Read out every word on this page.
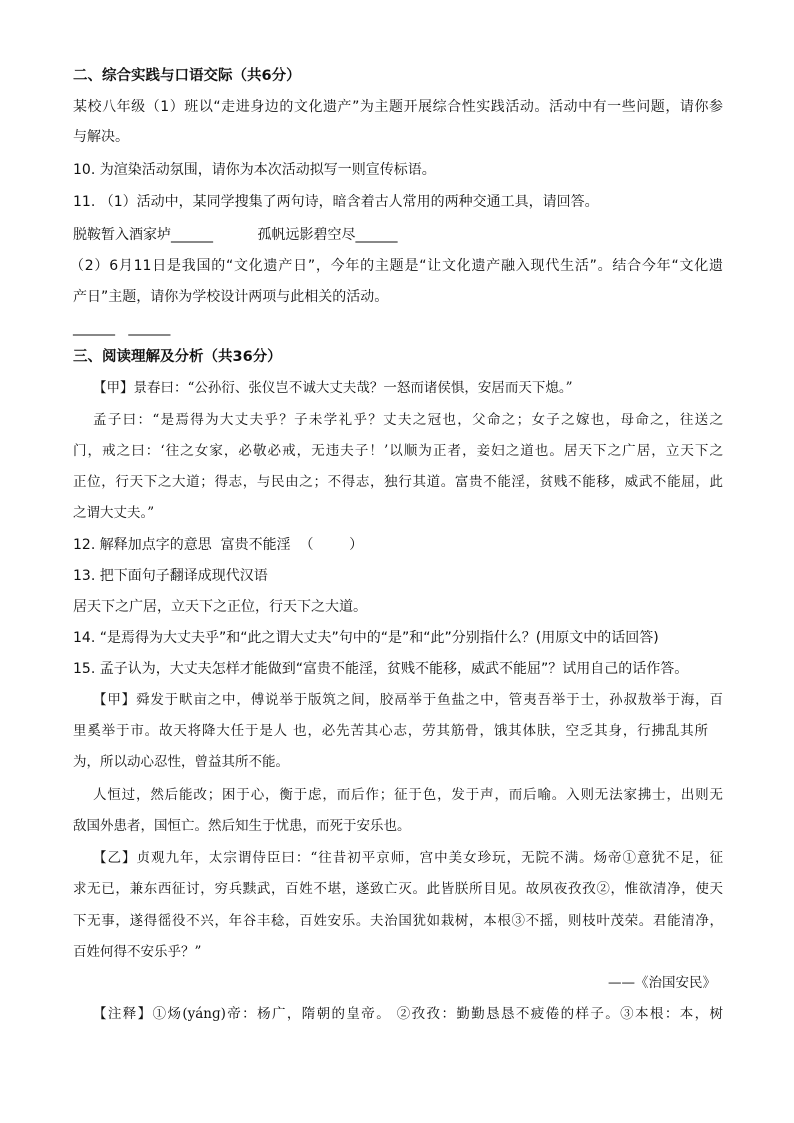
二、综合实践与口语交际（共6分）
某校八年级（1）班以“走进身边的文化遗产”为主题开展综合性实践活动。活动中有一些问题，请你参
与解决。
10. 为渲染活动氛围，请你为本次活动拟写一则宣传标语。
11. （1）活动中，某同学搜集了两句诗，暗含着古人常用的两种交通工具，请回答。
脱鞍暂入酒家垆______          孤帆远影碧空尽______
（2）6月11日是我国的“文化遗产日”，今年的主题是“让文化遗产融入现代生活”。结合今年“文化遗
产日”主题，请你为学校设计两项与此相关的活动。
______   ______
三、阅读理解及分析（共36分）
【甲】景春曰：“公孙衍、张仪岂不诚大丈夫哉？一怒而诸侯惧，安居而天下熄。”
孟子曰：“是焉得为大丈夫乎？子未学礼乎？丈夫之冠也，父命之；女子之嫁也，母命之，往送之
门，戒之曰：‘往之女家，必敬必戒，无违夫子！’以顺为正者，妾妇之道也。居天下之广居，立天下之
正位，行天下之大道；得志，与民由之；不得志，独行其道。富贵不能淫，贫贱不能移，威武不能屈，此
之谓大丈夫。”
12. 解释加点字的意思  富贵不能淫  （        ）
13. 把下面句子翻译成现代汉语
居天下之广居，立天下之正位，行天下之大道。
14. “是焉得为大丈夫乎”和“此之谓大丈夫”句中的“是”和“此”分别指什么？(用原文中的话回答)
15. 孟子认为，大丈夫怎样才能做到“富贵不能淫，贫贱不能移，威武不能屈”？试用自己的话作答。
【甲】舜发于畎亩之中，傅说举于版筑之间，胶鬲举于鱼盐之中，管夷吾举于士，孙叔敖举于海，百
里奚举于市。故天将降大任于是人 也，必先苦其心志，劳其筋骨，饿其体肤，空乏其身，行拂乱其所
为，所以动心忍性，曾益其所不能。
人恒过，然后能改；困于心，衡于虑，而后作；征于色，发于声，而后喻。入则无法家拂士，出则无
敌国外患者，国恒亡。然后知生于忧患，而死于安乐也。
【乙】贞观九年，太宗谓侍臣曰：“往昔初平京师，宫中美女珍玩，无院不满。炀帝①意犹不足，征
求无已，兼东西征讨，穷兵黩武，百姓不堪，遂致亡灭。此皆朕所目见。故夙夜孜孜②，惟欲清净，使天
下无事，遂得徭役不兴，年谷丰稔，百姓安乐。夫治国犹如栽树，本根③不摇，则枝叶茂荣。君能清净，
百姓何得不安乐乎？”
——《治国安民》
【注释】①炀(yánɡ)帝：杨广，隋朝的皇帝。 ②孜孜：勤勤恳恳不疲倦的样子。③本根：本，树
